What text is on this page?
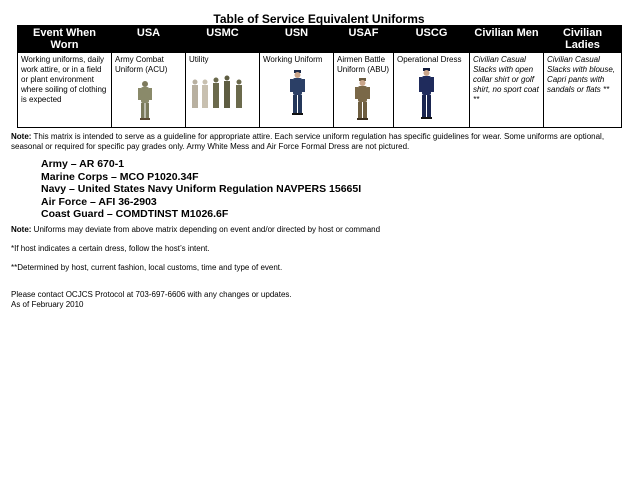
Table of Service Equivalent Uniforms
Event When Worn	USA	USMC	USN	USAF	USCG	Civilian Men	Civilian Ladies

Working uniforms, daily work attire, or in a field or plant environment where soiling of clothing is expected	Army Combat Uniform (ACU)	Utility	Working Uniform	Airmen Battle Uniform (ABU)	Operational Dress	Civilian Casual Slacks with open collar shirt or golf shirt, no sport coat **	Civilian Casual Slacks with blouse, Capri pants with sandals or flats **
Note: This matrix is intended to serve as a guideline for appropriate attire. Each service uniform regulation has specific guidelines for wear. Some uniforms are optional, seasonal or required for specific pay grades only. Army White Mess and Air Force Formal Dress are not pictured.
Army – AR 670-1
Marine Corps – MCO P1020.34F
Navy – United States Navy Uniform Regulation NAVPERS 15665I
Air Force – AFI 36-2903
Coast Guard – COMDTINST M1026.6F
Note: Uniforms may deviate from above matrix depending on event and/or directed by host or command
*If host indicates a certain dress, follow the host’s intent.
**Determined by host, current fashion, local customs, time and type of event.
Please contact OCJCS Protocol at 703-697-6606 with any changes or updates.
As of February 2010
